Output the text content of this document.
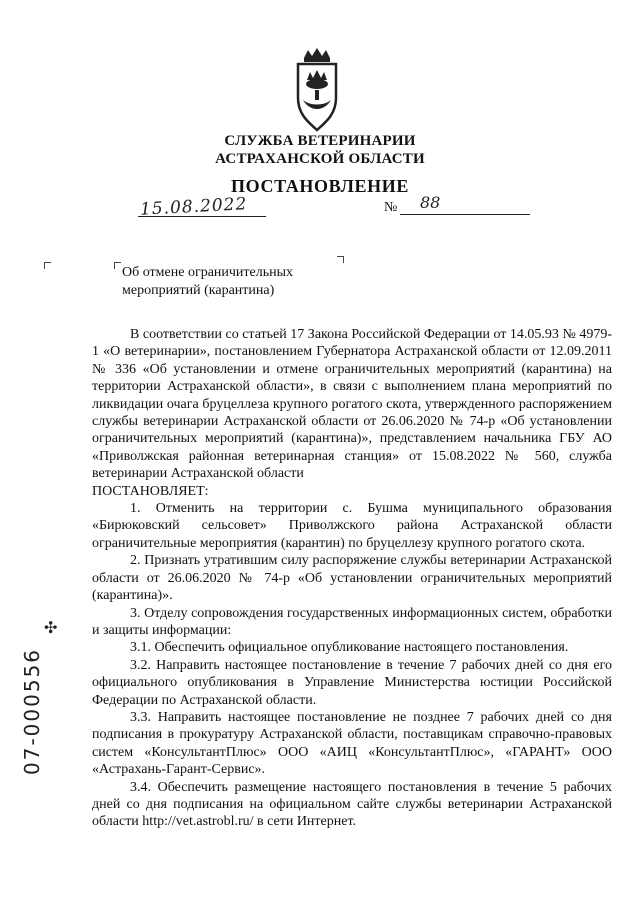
СЛУЖБА ВЕТЕРИНАРИИ
АСТРАХАНСКОЙ ОБЛАСТИ
ПОСТАНОВЛЕНИЕ
15.08.2022	№ 88
Об отмене ограничительных
мероприятий (карантина)

В соответствии со статьей 17 Закона Российской Федерации от 14.05.93 № 4979-1 «О ветеринарии», постановлением Губернатора Астраханской области от 12.09.2011 № 336 «Об установлении и отмене ограничительных мероприятий (карантина) на территории Астраханской области», в связи с выполнением плана мероприятий по ликвидации очага бруцеллеза крупного рогатого скота, утвержденного распоряжением службы ветеринарии Астраханской области от 26.06.2020 № 74-р «Об установлении ограничительных мероприятий (карантина)», представлением начальника ГБУ АО «Приволжская районная ветеринарная станция» от 15.08.2022 № 560, служба ветеринарии Астраханской области

ПОСТАНОВЛЯЕТ:

1. Отменить на территории с. Бушма муниципального образования «Бирюковский сельсовет» Приволжского района Астраханской области ограничительные мероприятия (карантин) по бруцеллезу крупного рогатого скота.

2. Признать утратившим силу распоряжение службы ветеринарии Астраханской области от 26.06.2020 № 74-р «Об установлении ограничительных мероприятий (карантина)».

3. Отделу сопровождения государственных информационных систем, обработки и защиты информации:

3.1. Обеспечить официальное опубликование настоящего постановления.

3.2. Направить настоящее постановление в течение 7 рабочих дней со дня его официального опубликования в Управление Министерства юстиции Российской Федерации по Астраханской области.

3.3. Направить настоящее постановление не позднее 7 рабочих дней со дня подписания в прокуратуру Астраханской области, поставщикам справочно-правовых систем «КонсультантПлюс» ООО «АИЦ «КонсультантПлюс», «ГАРАНТ» ООО «Астрахань-Гарант-Сервис».

3.4. Обеспечить размещение настоящего постановления в течение 5 рабочих дней со дня подписания на официальном сайте службы ветеринарии Астраханской области http://vet.astrobl.ru/ в сети Интернет.

✣
07-000556
